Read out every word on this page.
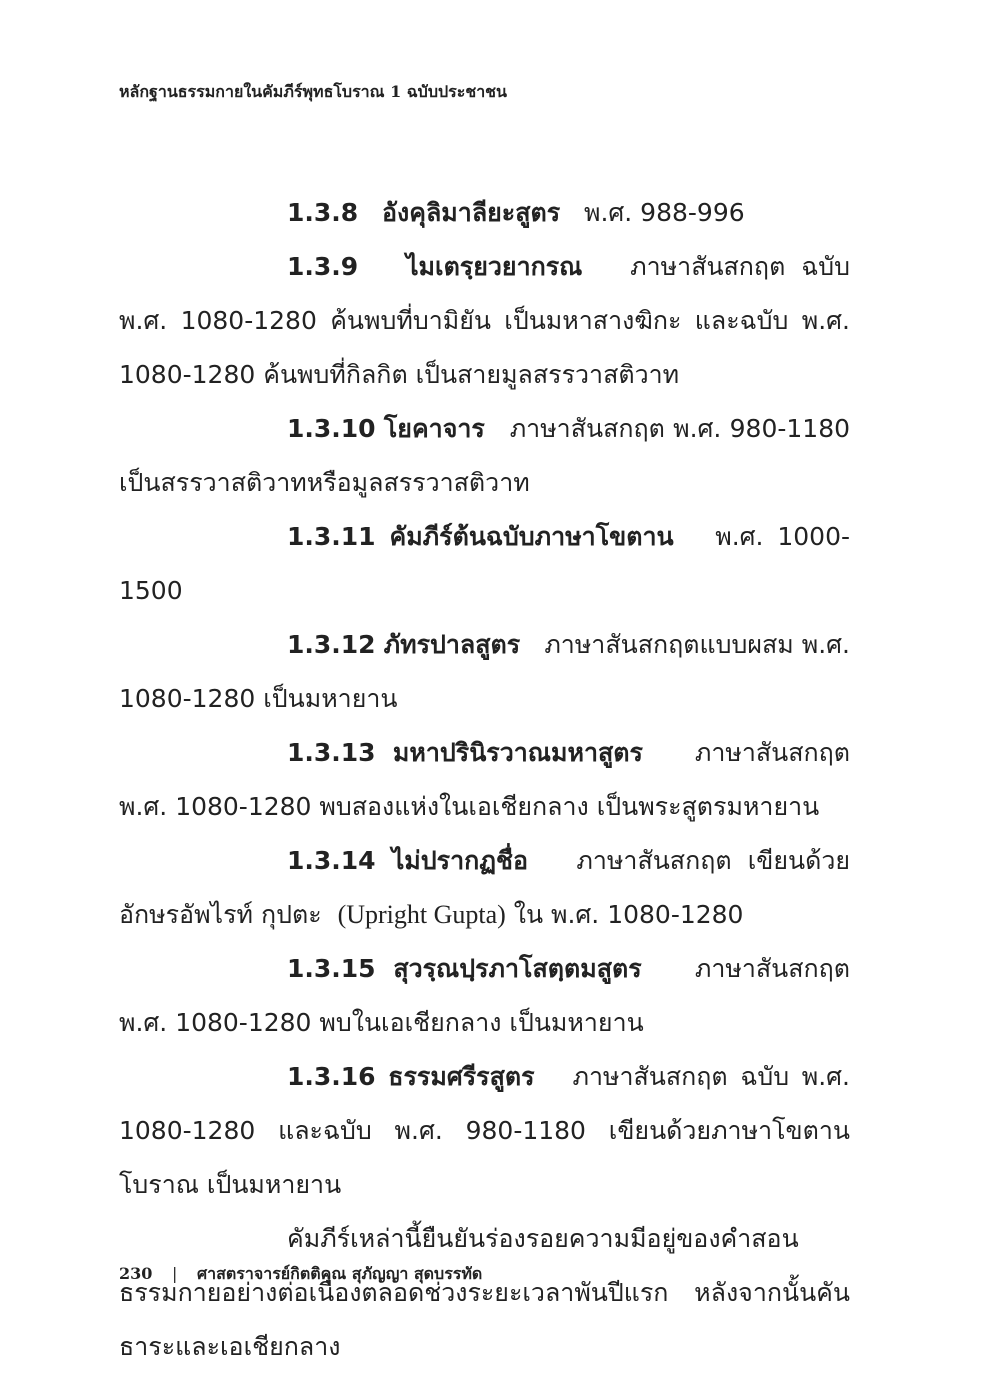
หลักฐานธรรมกายในคัมภีร์พุทธโบราณ 1 ฉบับประชาชน

1.3.8 อังคุลิมาลียะสูตร พ.ศ. 988-996

1.3.9 ไมเตรฺยวยากรณ ภาษาสันสกฤต ฉบับ พ.ศ. 1080-1280 ค้นพบที่บามิยัน เป็นมหาสางฆิกะ และฉบับ พ.ศ. 1080-1280 ค้นพบที่กิลกิต เป็นสายมูลสรรวาสติวาท

1.3.10 โยคาจาร ภาษาสันสกฤต พ.ศ. 980-1180 เป็นสรรวาสติวาทหรือมูลสรรวาสติวาท

1.3.11 คัมภีร์ต้นฉบับภาษาโขตาน พ.ศ. 1000-1500

1.3.12 ภัทรปาลสูตร ภาษาสันสกฤตแบบผสม พ.ศ. 1080-1280 เป็นมหายาน

1.3.13 มหาปรินิรวาณมหาสูตร ภาษาสันสกฤต พ.ศ. 1080-1280 พบสองแห่งในเอเชียกลาง เป็นพระสูตรมหายาน

1.3.14 ไม่ปรากฏชื่อ ภาษาสันสกฤต เขียนด้วยอักษรอัพไรท์ กุปตะ (Upright Gupta) ใน พ.ศ. 1080-1280

1.3.15 สุวรฺณปฺรภาโสตฺตมสูตร ภาษาสันสกฤต พ.ศ. 1080-1280 พบในเอเชียกลาง เป็นมหายาน

1.3.16 ธรรมศรีรสูตร ภาษาสันสกฤต ฉบับ พ.ศ. 1080-1280 และฉบับ พ.ศ. 980-1180 เขียนด้วยภาษาโขตานโบราณ เป็นมหายาน

คัมภีร์เหล่านี้ยืนยันร่องรอยความมีอยู่ของคำสอนธรรมกายอย่างต่อเนื่องตลอดช่วงระยะเวลาพันปีแรก หลังจากนั้นคันธาระและเอเชียกลาง

230 | ศาสตราจารย์กิตติคุณ สุภัญญา สุดบรรทัด
